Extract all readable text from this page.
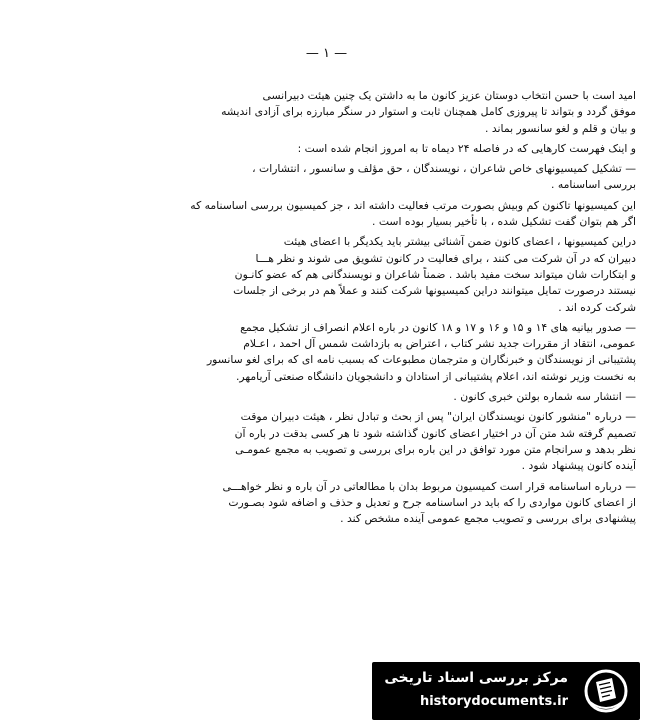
— ۱ —
امید است با حسن انتخاب دوستان عزیز کانون ما به داشتن یک چنین هیئت دبیرانسی
موفق گردد و بتواند تا پیروزی کامل همچنان ثابت و استوار در سنگر مبارزه برای آزادی اندیشه
و بیان و قلم و لغو سانسور بماند .
و اینک فهرست کارهایی که در فاصله ۲۴ دیماه تا به امروز انجام شده است :
— تشکیل کمیسیونهای خاص شاعران ، نویسندگان ، حق مؤلف و سانسور ، انتشارات ،
بررسی اساسنامه .
این کمیسیونها تاکنون کم وبیش بصورت مرتب فعالیت داشته اند ، جز کمیسیون بررسی اساسنامه که
اگر هم بتوان گفت تشکیل شده ، با تأخیر بسیار بوده است .
دراین کمیسیونها ، اعضای کانون ضمن آشنائی بیشتر باید یکدیگر با اعضای هیئت
دبیران که در آن شرکت می کنند ، برای فعالیت در کانون تشویق می شوند و نظر هـــا
و ابتکارات شان میتواند سخت مفید باشد . ضمناً شاعران و نویسندگانی هم که عضو کانـون
نیستند درصورت تمایل میتوانند دراین کمیسیونها شرکت کنند و عملاً هم در برخی از جلسات
شرکت کرده اند .
— صدور بیانیه های ۱۴ و ۱۵ و ۱۶ و ۱۷ و ۱۸ کانون در باره اعلام انصراف از تشکیل مجمع
عمومی، انتقاد از مقررات جدید نشر کتاب ، اعتراض به بازداشت شمس آل احمد ، اعـلام
پشتیبانی از نویسندگان و خبرنگاران و مترجمان مطبوعات که بسبب نامه ای که برای لغو سانسور
به نخست وزیر نوشته اند، اعلام پشتیبانی از استادان و دانشجویان دانشگاه صنعتی آریامهر.
— انتشار سه شماره بولتن خبری کانون .
— درباره "منشور کانون نویسندگان ایران" پس از بحث و تبادل نظر ، هیئت دبیران موقت
تصمیم گرفته شد متن آن در اختیار اعضای کانون گذاشته شود تا هر کسی بدقت در باره آن
نظر بدهد و سرانجام متن مورد توافق در این باره برای بررسی و تصویب به مجمع عمومـی
آینده کانون پیشنهاد شود .
— درباره اساسنامه قرار است کمیسیون مربوط بدان با مطالعاتی در آن باره و نظر خواهـــی
از اعضای کانون مواردی را که باید در اساسنامه جرح و تعدیل و حذف و اضافه شود بصـورت
پیشنهادی برای بررسی و تصویب مجمع عمومی آینده مشخص کند .
مرکز بررسی اسناد تاریخی
historydocuments.ir
